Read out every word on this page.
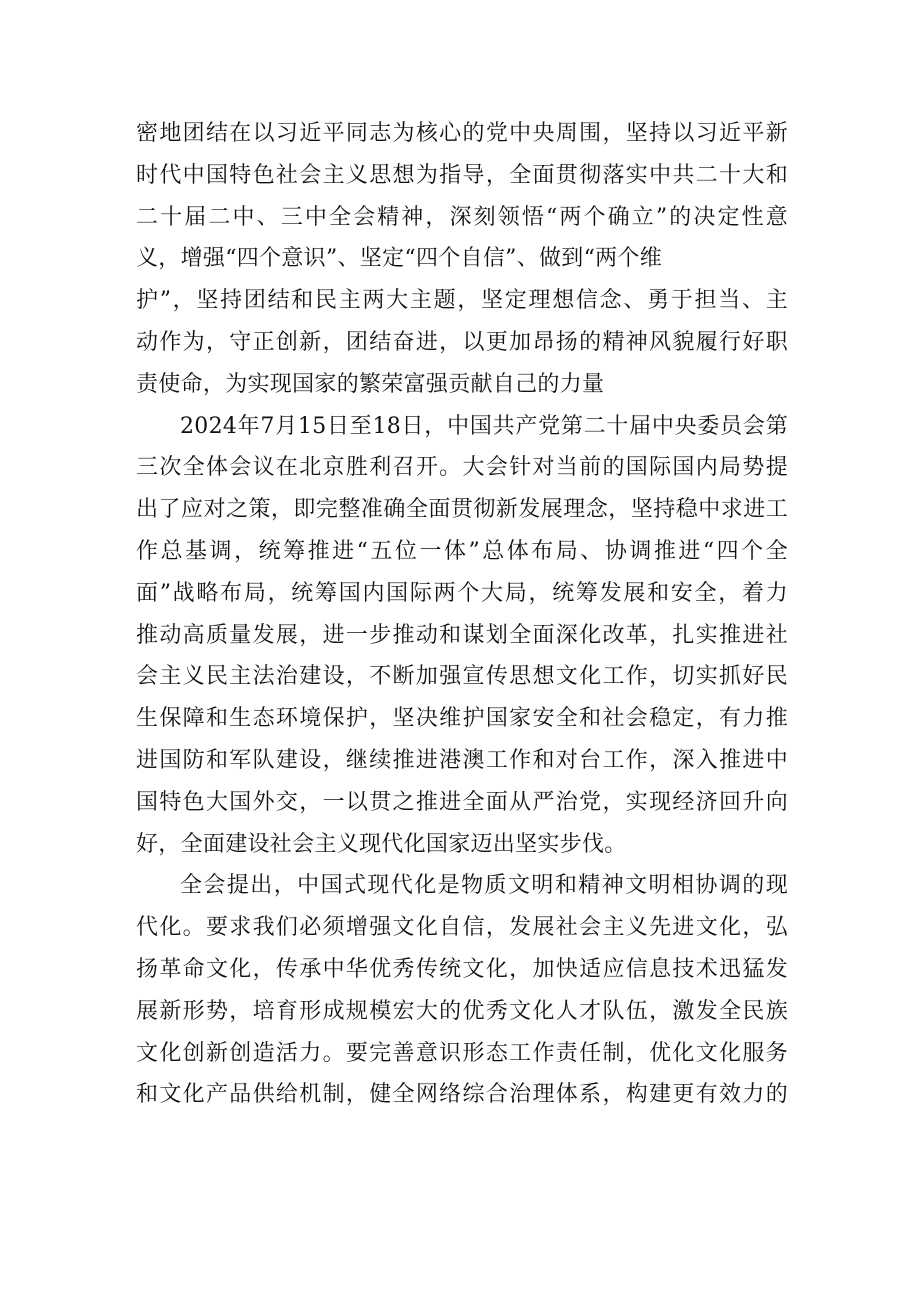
密地团结在以习近平同志为核心的党中央周围，坚持以习近平新
时代中国特色社会主义思想为指导，全面贯彻落实中共二十大和
二十届二中、三中全会精神，深刻领悟“两个确立”的决定性意
义，增强“四个意识”、坚定“四个自信”、做到“两个维
护”，坚持团结和民主两大主题，坚定理想信念、勇于担当、主
动作为，守正创新，团结奋进，以更加昂扬的精神风貌履行好职
责使命，为实现国家的繁荣富强贡献自己的力量
2024年7月15日至18日，中国共产党第二十届中央委员会第
三次全体会议在北京胜利召开。大会针对当前的国际国内局势提
出了应对之策，即完整准确全面贯彻新发展理念，坚持稳中求进工
作总基调，统筹推进“五位一体”总体布局、协调推进“四个全
面”战略布局，统筹国内国际两个大局，统筹发展和安全，着力
推动高质量发展，进一步推动和谋划全面深化改革，扎实推进社
会主义民主法治建设，不断加强宣传思想文化工作，切实抓好民
生保障和生态环境保护，坚决维护国家安全和社会稳定，有力推
进国防和军队建设，继续推进港澳工作和对台工作，深入推进中
国特色大国外交，一以贯之推进全面从严治党，实现经济回升向
好，全面建设社会主义现代化国家迈出坚实步伐。
全会提出，中国式现代化是物质文明和精神文明相协调的现
代化。要求我们必须增强文化自信，发展社会主义先进文化，弘
扬革命文化，传承中华优秀传统文化，加快适应信息技术迅猛发
展新形势，培育形成规模宏大的优秀文化人才队伍，激发全民族
文化创新创造活力。要完善意识形态工作责任制，优化文化服务
和文化产品供给机制，健全网络综合治理体系，构建更有效力的
